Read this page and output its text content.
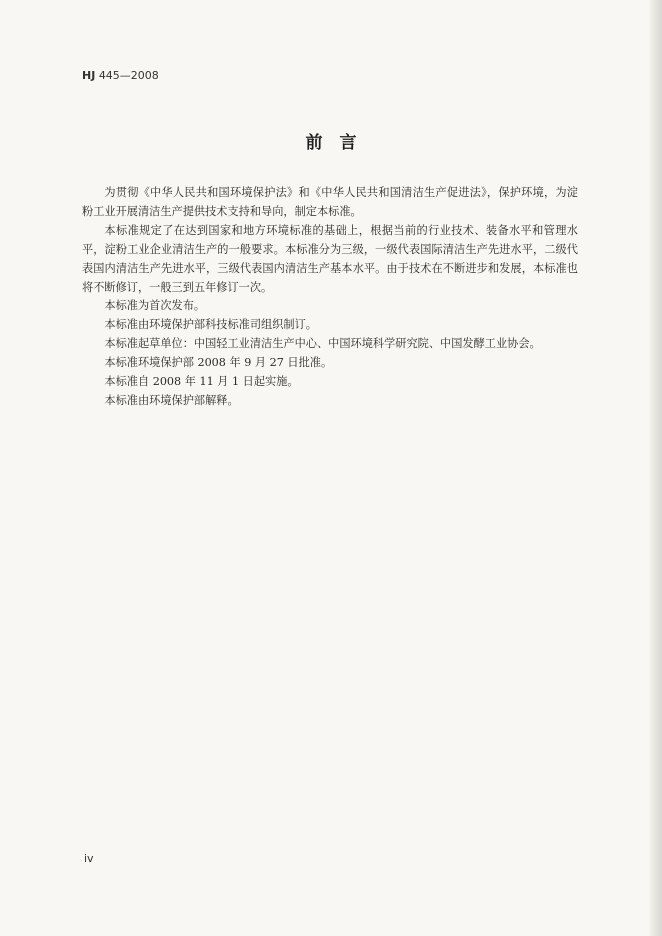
HJ 445—2008
前　言

为贯彻《中华人民共和国环境保护法》和《中华人民共和国清洁生产促进法》，保护环境，为淀粉工业开展清洁生产提供技术支持和导向，制定本标准。

本标准规定了在达到国家和地方环境标准的基础上，根据当前的行业技术、装备水平和管理水平，淀粉工业企业清洁生产的一般要求。本标准分为三级，一级代表国际清洁生产先进水平，二级代表国内清洁生产先进水平，三级代表国内清洁生产基本水平。由于技术在不断进步和发展，本标准也将不断修订，一般三到五年修订一次。

本标准为首次发布。

本标准由环境保护部科技标准司组织制订。

本标准起草单位：中国轻工业清洁生产中心、中国环境科学研究院、中国发酵工业协会。

本标准环境保护部 2008 年 9 月 27 日批准。

本标准自 2008 年 11 月 1 日起实施。

本标准由环境保护部解释。

iv
